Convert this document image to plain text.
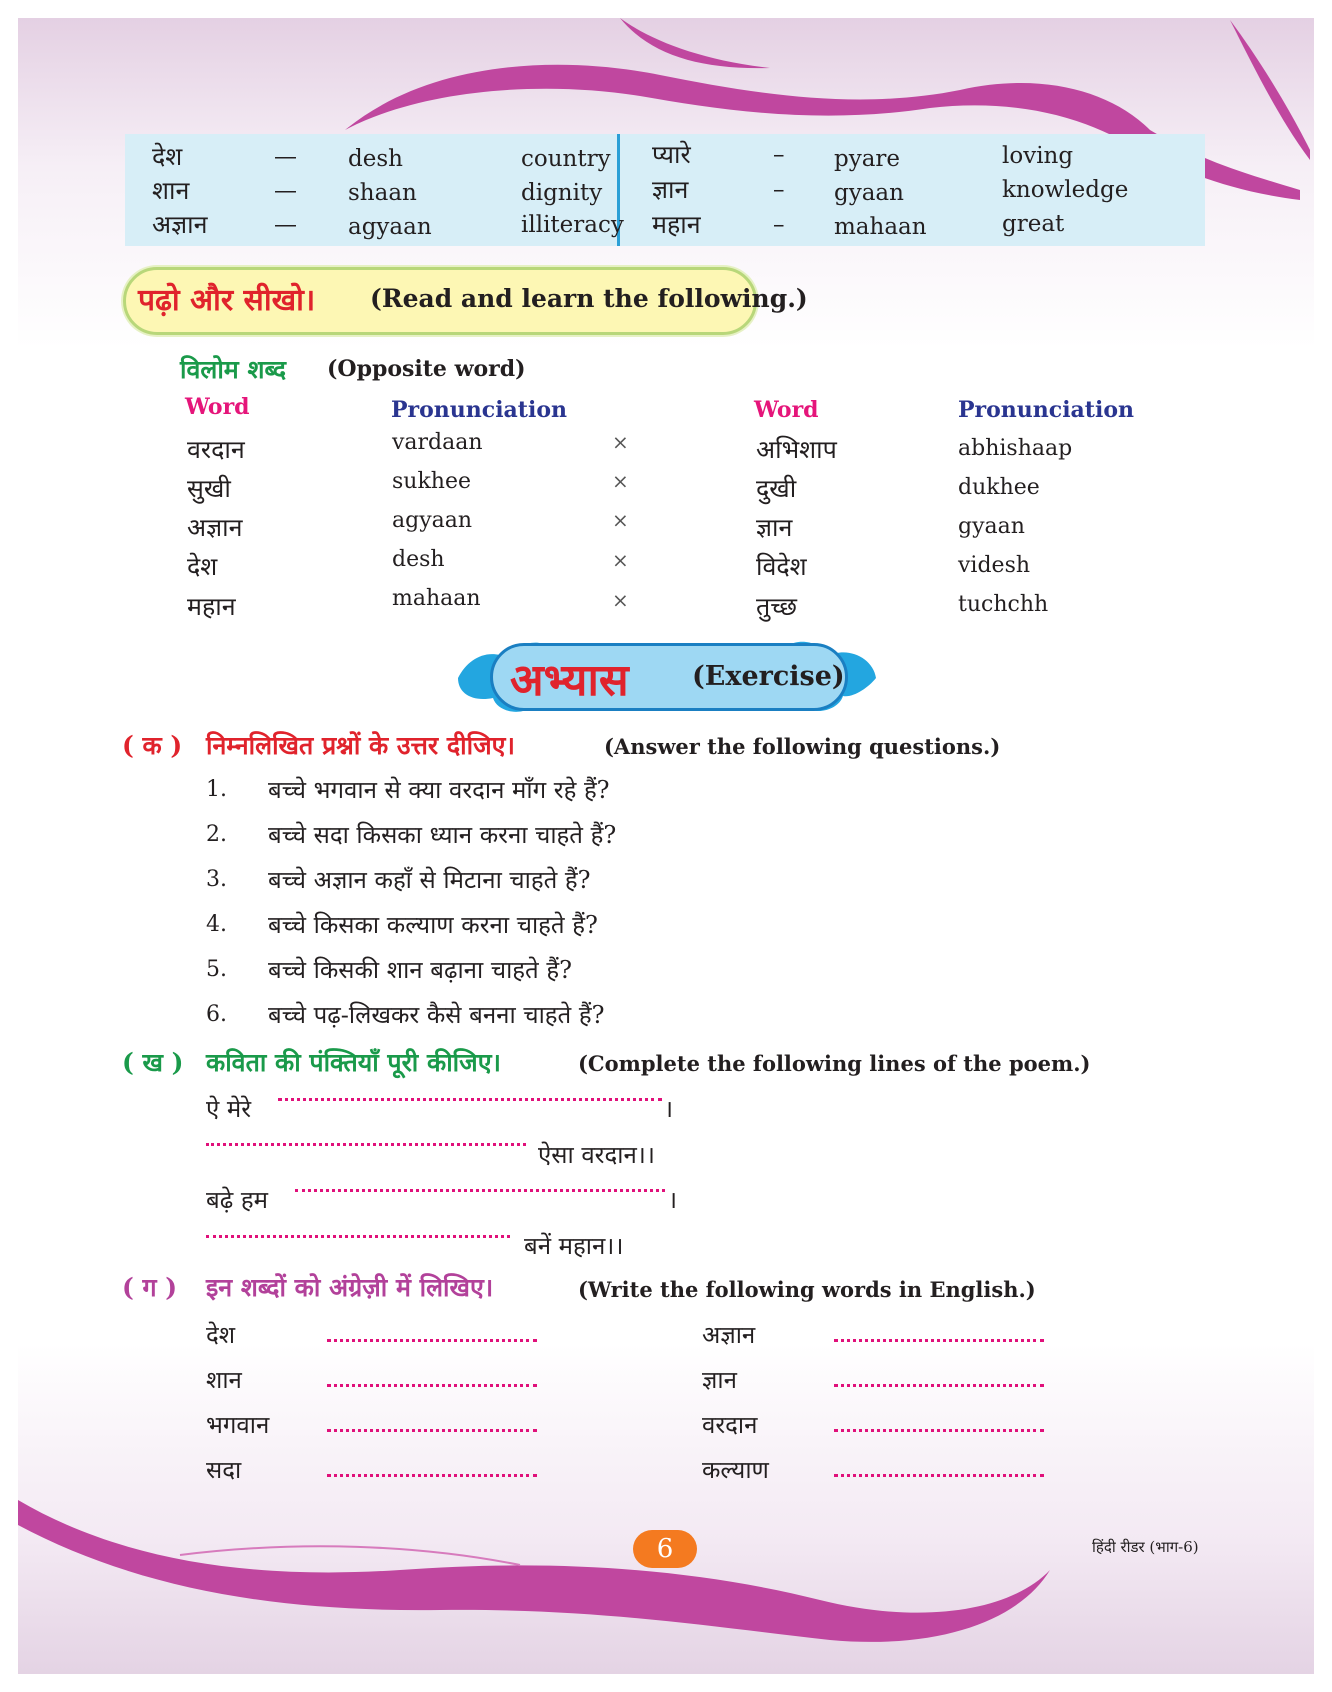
देश	— desh	country
शान	— shaan	dignity
अज्ञान	— agyaan	illiteracy
प्यारे	– pyare	loving
ज्ञान	– gyaan	knowledge
महान	– mahaan	great
पढ़ो और सीखो। (Read and learn the following.)
विलोम शब्द (Opposite word)
Word	Pronunciation	Word	Pronunciation
वरदान	vardaan	×	अभिशाप	abhishaap
सुखी	sukhee	×	दुखी	dukhee
अज्ञान	agyaan	×	ज्ञान	gyaan
देश	desh	×	विदेश	videsh
महान	mahaan	×	तुच्छ	tuchchh
अभ्यास (Exercise)
( क ) निम्नलिखित प्रश्नों के उत्तर दीजिए।	(Answer the following questions.)
1. बच्चे भगवान से क्या वरदान माँग रहे हैं?
2. बच्चे सदा किसका ध्यान करना चाहते हैं?
3. बच्चे अज्ञान कहाँ से मिटाना चाहते हैं?
4. बच्चे किसका कल्याण करना चाहते हैं?
5. बच्चे किसकी शान बढ़ाना चाहते हैं?
6. बच्चे पढ़-लिखकर कैसे बनना चाहते हैं?
( ख ) कविता की पंक्तियाँ पूरी कीजिए।	(Complete the following lines of the poem.)
ऐ मेरे	।
ऐसा वरदान।।
बढ़े हम	।
बनें महान।।
( ग ) इन शब्दों को अंग्रेज़ी में लिखिए।	(Write the following words in English.)
देश	अज्ञान
शान	ज्ञान
भगवान	वरदान
सदा	कल्याण
6	हिंदी रीडर (भाग-6)
